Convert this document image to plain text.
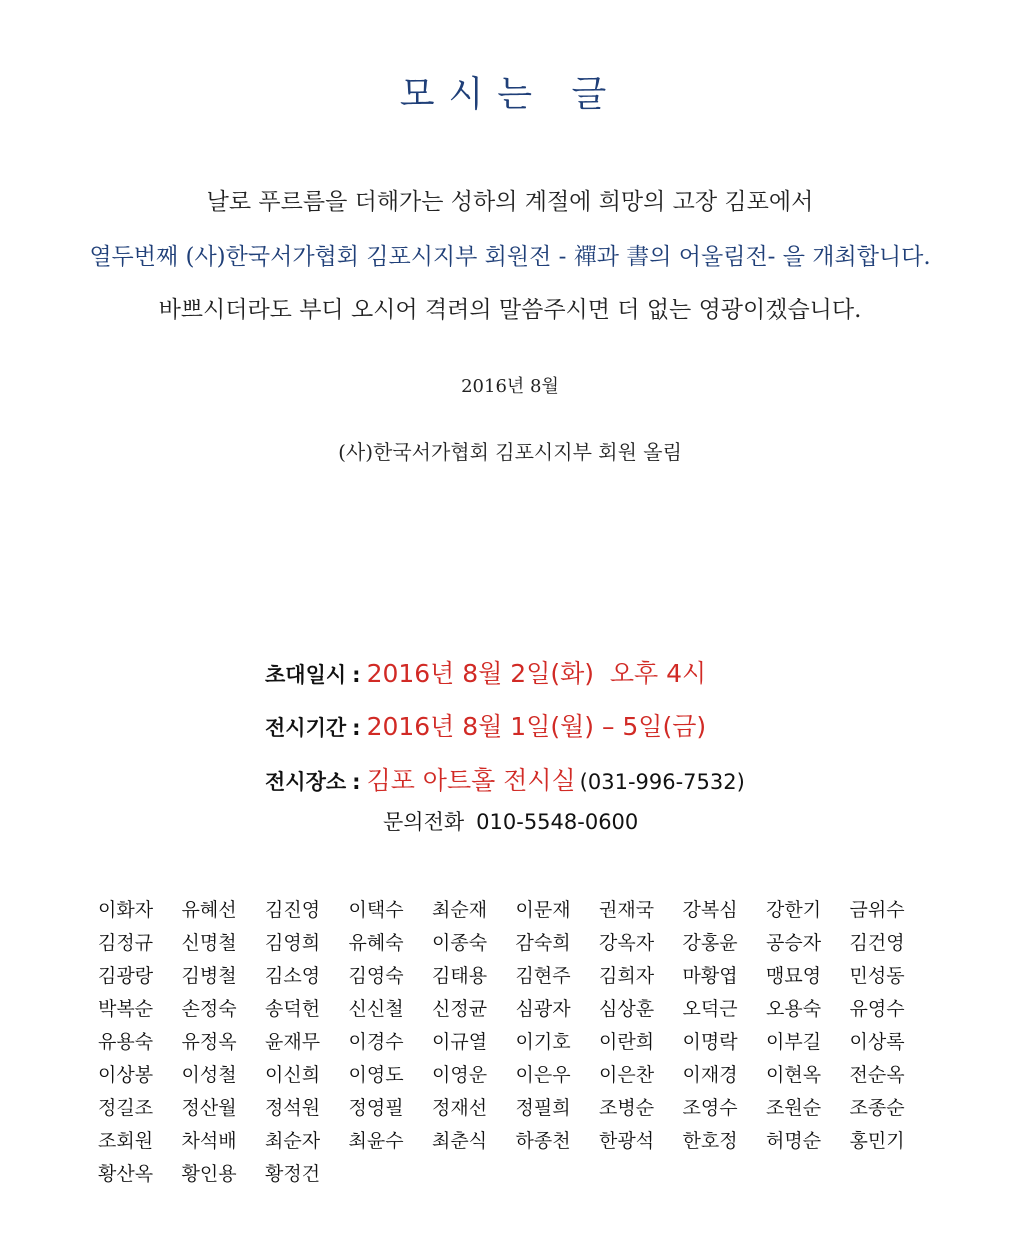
모시는 글
날로 푸르름을 더해가는 성하의 계절에 희망의 고장 김포에서
열두번째 (사)한국서가협회 김포시지부 회원전 - 禪과 書의 어울림전- 을 개최합니다.
바쁘시더라도 부디 오시어 격려의 말씀주시면 더 없는 영광이겠습니다.
2016년 8월
(사)한국서가협회 김포시지부 회원 올림
초대일시 : 2016년 8월 2일(화)  오후 4시
전시기간 : 2016년 8월 1일(월) – 5일(금)
전시장소 : 김포 아트홀 전시실 (031-996-7532)
문의전화 010-5548-0600
이화자	유혜선	김진영	이택수	최순재	이문재	권재국	강복심	강한기	금위수
김정규	신명철	김영희	유혜숙	이종숙	감숙희	강옥자	강홍윤	공승자	김건영
김광랑	김병철	김소영	김영숙	김태용	김현주	김희자	마황엽	맹묘영	민성동
박복순	손정숙	송덕헌	신신철	신정균	심광자	심상훈	오덕근	오용숙	유영수
유용숙	유정옥	윤재무	이경수	이규열	이기호	이란희	이명락	이부길	이상록
이상봉	이성철	이신희	이영도	이영운	이은우	이은찬	이재경	이현옥	전순옥
정길조	정산월	정석원	정영필	정재선	정필희	조병순	조영수	조원순	조종순
조회원	차석배	최순자	최윤수	최춘식	하종천	한광석	한호정	허명순	홍민기
황산옥	황인용	황정건
